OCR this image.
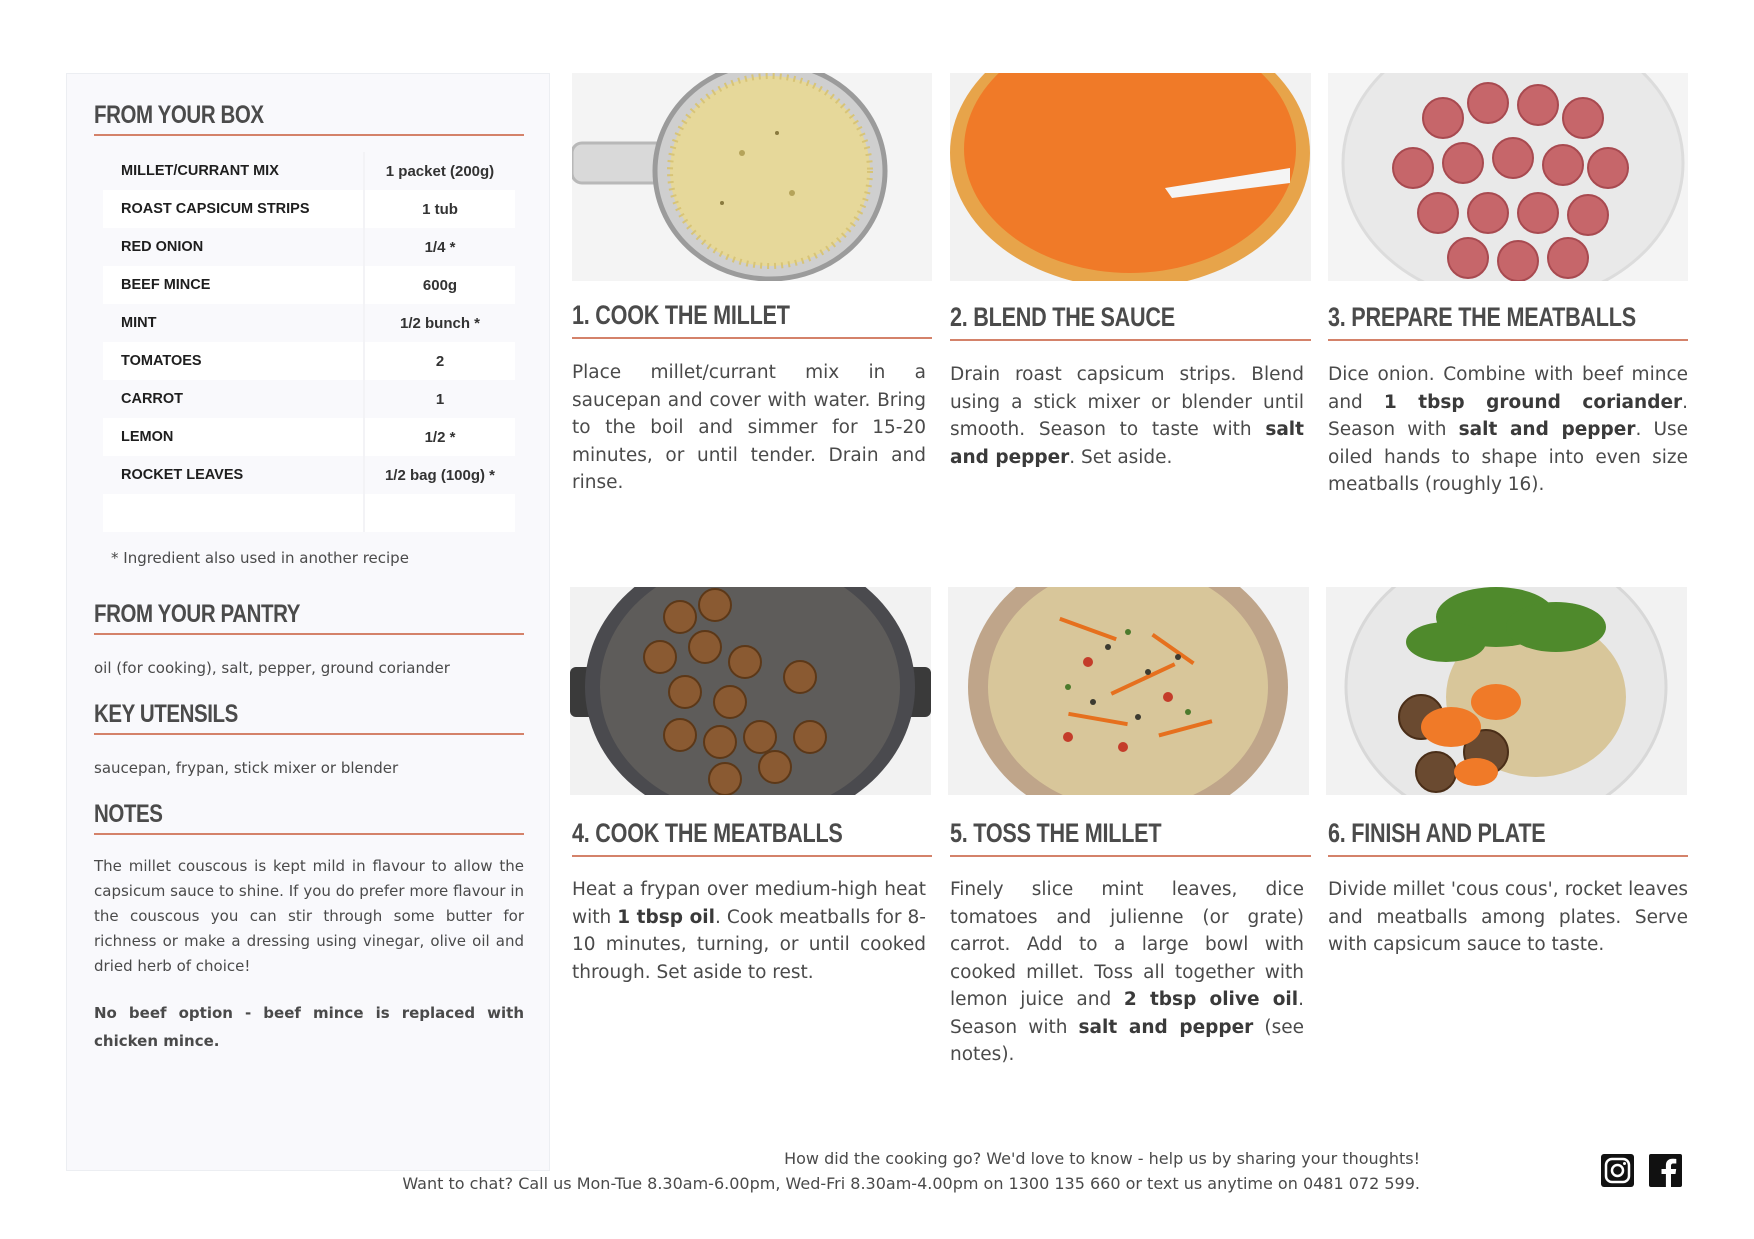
FROM YOUR BOX
MILLET/CURRANT MIX	1 packet (200g)
ROAST CAPSICUM STRIPS	1 tub
RED ONION	1/4 *
BEEF MINCE	600g
MINT	1/2 bunch *
TOMATOES	2
CARROT	1
LEMON	1/2 *
ROCKET LEAVES	1/2 bag (100g) *
* Ingredient also used in another recipe
FROM YOUR PANTRY
oil (for cooking), salt, pepper, ground coriander
KEY UTENSILS
saucepan, frypan, stick mixer or blender
NOTES
The millet couscous is kept mild in flavour to allow the capsicum sauce to shine. If you do prefer more flavour in the couscous you can stir through some butter for richness or make a dressing using vinegar, olive oil and dried herb of choice!
No beef option - beef mince is replaced with chicken mince.
1. COOK THE MILLET
Place millet/currant mix in a saucepan and cover with water. Bring to the boil and simmer for 15-20 minutes, or until tender. Drain and rinse.
2. BLEND THE SAUCE
Drain roast capsicum strips. Blend using a stick mixer or blender until smooth. Season to taste with salt and pepper. Set aside.
3. PREPARE THE MEATBALLS
Dice onion. Combine with beef mince and 1 tbsp ground coriander. Season with salt and pepper. Use oiled hands to shape into even size meatballs (roughly 16).
4. COOK THE MEATBALLS
Heat a frypan over medium-high heat with 1 tbsp oil. Cook meatballs for 8-10 minutes, turning, or until cooked through. Set aside to rest.
5. TOSS THE MILLET
Finely slice mint leaves, dice tomatoes and julienne (or grate) carrot. Add to a large bowl with cooked millet. Toss all together with lemon juice and 2 tbsp olive oil. Season with salt and pepper (see notes).
6. FINISH AND PLATE
Divide millet 'cous cous', rocket leaves and meatballs among plates. Serve with capsicum sauce to taste.
How did the cooking go? We'd love to know - help us by sharing your thoughts!
Want to chat? Call us Mon-Tue 8.30am-6.00pm, Wed-Fri 8.30am-4.00pm on 1300 135 660 or text us anytime on 0481 072 599.
